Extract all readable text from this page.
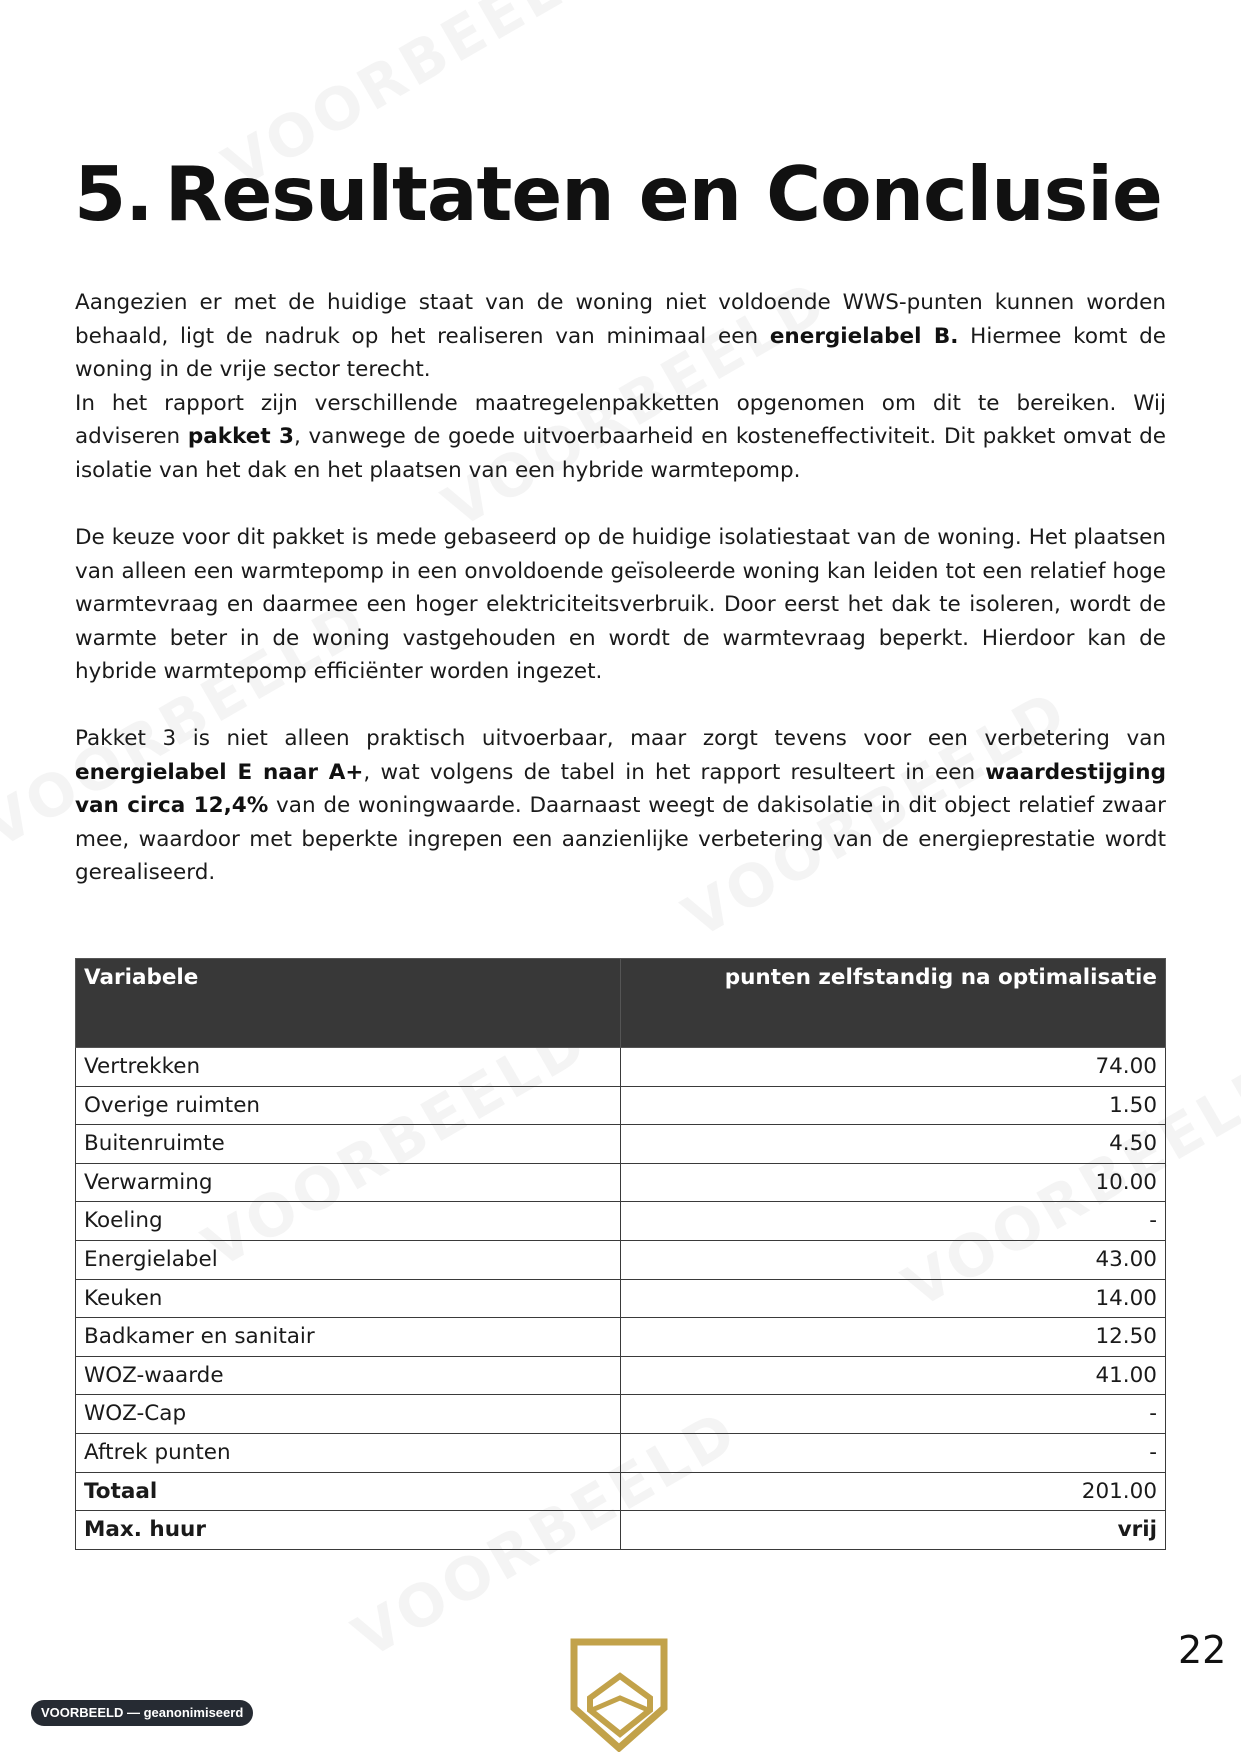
5. Resultaten en Conclusie

Aangezien er met de huidige staat van de woning niet voldoende WWS-punten kunnen worden behaald, ligt de nadruk op het realiseren van minimaal een energielabel B. Hiermee komt de woning in de vrije sector terecht.
In het rapport zijn verschillende maatregelenpakketten opgenomen om dit te bereiken. Wij adviseren pakket 3, vanwege de goede uitvoerbaarheid en kosteneffectiviteit. Dit pakket omvat de isolatie van het dak en het plaatsen van een hybride warmtepomp.

De keuze voor dit pakket is mede gebaseerd op de huidige isolatiestaat van de woning. Het plaatsen van alleen een warmtepomp in een onvoldoende geïsoleerde woning kan leiden tot een relatief hoge warmtevraag en daarmee een hoger elektriciteitsverbruik. Door eerst het dak te isoleren, wordt de warmte beter in de woning vastgehouden en wordt de warmtevraag beperkt. Hierdoor kan de hybride warmtepomp efficiënter worden ingezet.

Pakket 3 is niet alleen praktisch uitvoerbaar, maar zorgt tevens voor een verbetering van energielabel E naar A+, wat volgens de tabel in het rapport resulteert in een waardestijging van circa 12,4% van de woningwaarde. Daarnaast weegt de dakisolatie in dit object relatief zwaar mee, waardoor met beperkte ingrepen een aanzienlijke verbetering van de energieprestatie wordt gerealiseerd.

Variabele	punten zelfstandig na optimalisatie
Vertrekken	74.00
Overige ruimten	1.50
Buitenruimte	4.50
Verwarming	10.00
Koeling	-
Energielabel	43.00
Keuken	14.00
Badkamer en sanitair	12.50
WOZ-waarde	41.00
WOZ-Cap	-
Aftrek punten	-
Totaal	201.00
Max. huur	vrij
22
VOORBEELD — geanonimiseerd
